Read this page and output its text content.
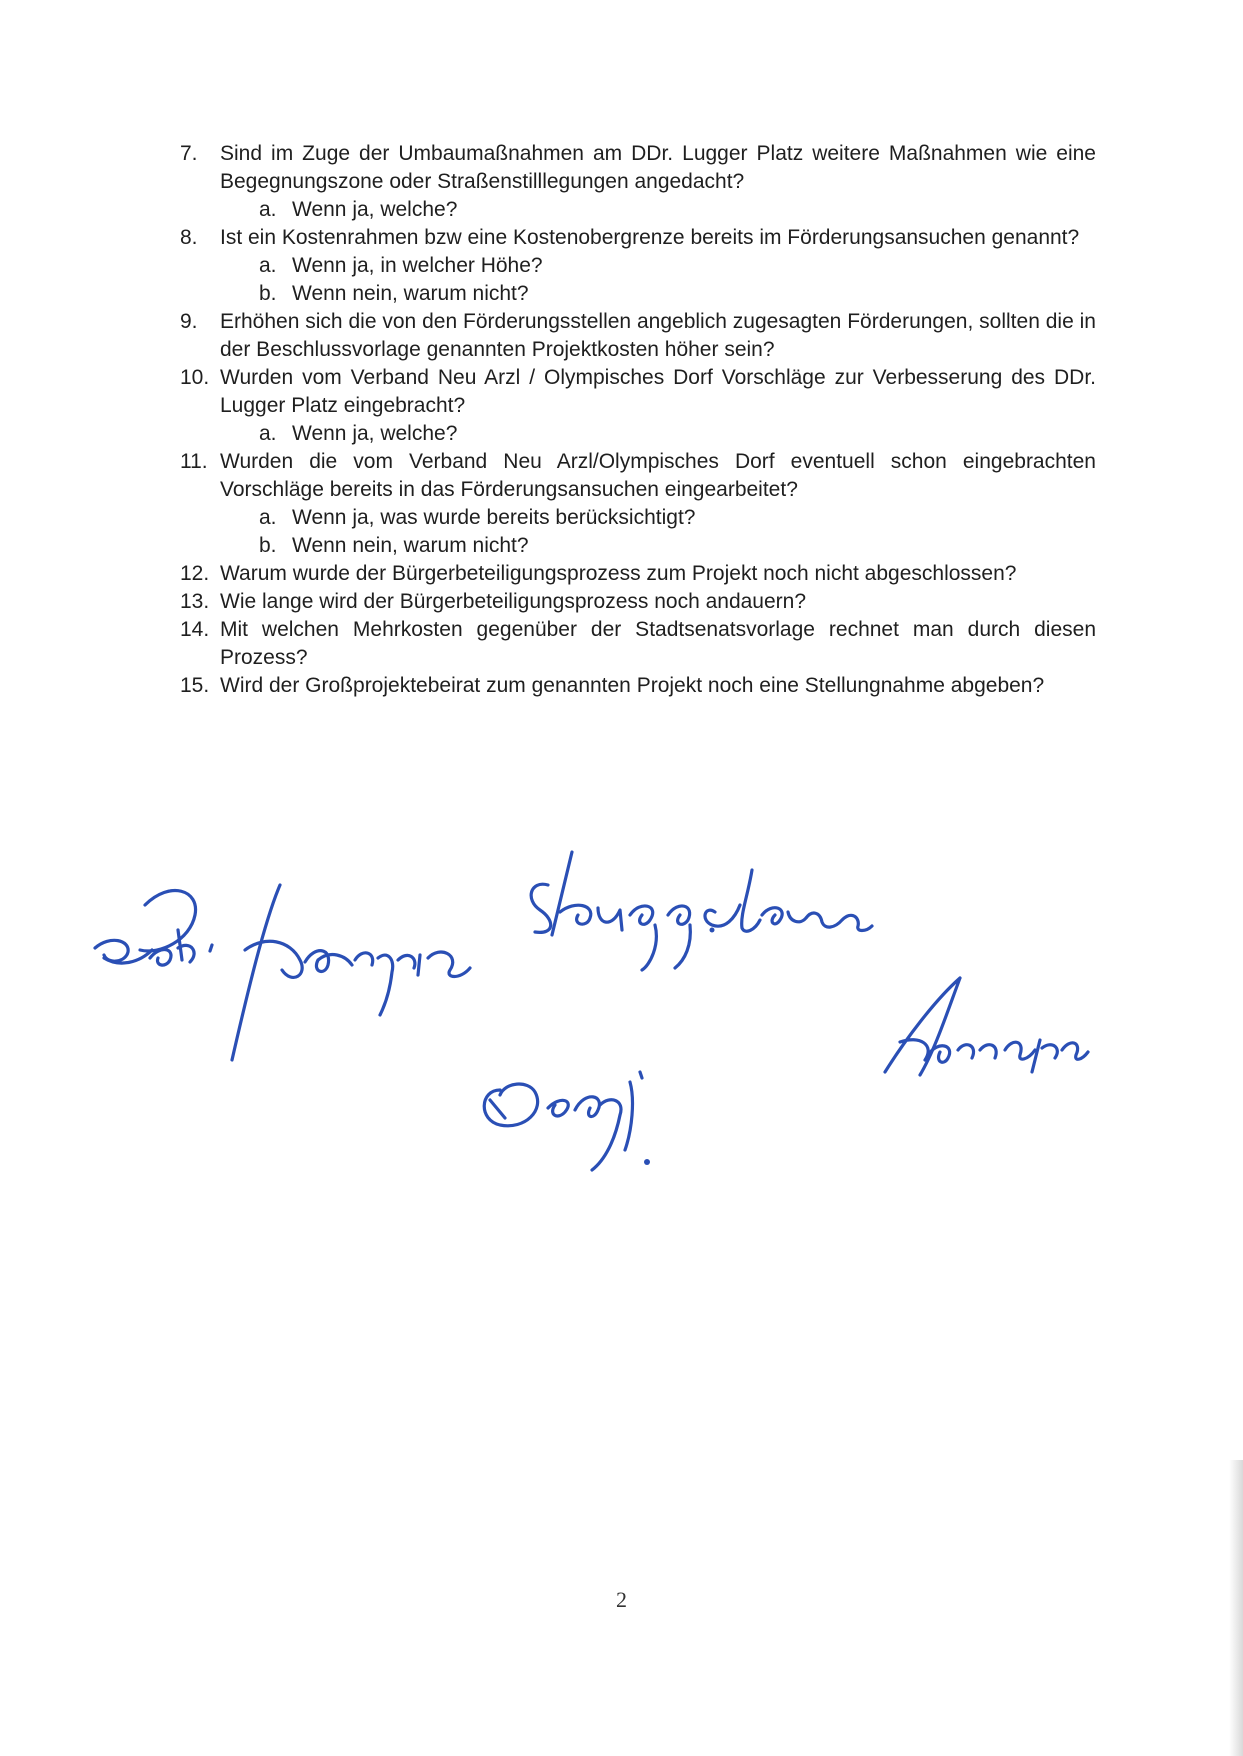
7.	Sind im Zuge der Umbaumaßnahmen am DDr. Lugger Platz weitere Maßnahmen wie eine Begegnungszone oder Straßenstilllegungen angedacht?
a. Wenn ja, welche?
8.	Ist ein Kostenrahmen bzw eine Kostenobergrenze bereits im Förderungsansuchen genannt?
a. Wenn ja, in welcher Höhe?
b. Wenn nein, warum nicht?
9.	Erhöhen sich die von den Förderungsstellen angeblich zugesagten Förderungen, sollten die in der Beschlussvorlage genannten Projektkosten höher sein?
10. Wurden vom Verband Neu Arzl / Olympisches Dorf Vorschläge zur Verbesserung des DDr. Lugger Platz eingebracht?
a. Wenn ja, welche?
11. Wurden die vom Verband Neu Arzl/Olympisches Dorf eventuell schon eingebrachten Vorschläge bereits in das Förderungsansuchen eingearbeitet?
a. Wenn ja, was wurde bereits berücksichtigt?
b. Wenn nein, warum nicht?
12. Warum wurde der Bürgerbeteiligungsprozess zum Projekt noch nicht abgeschlossen?
13. Wie lange wird der Bürgerbeteiligungsprozess noch andauern?
14. Mit welchen Mehrkosten gegenüber der Stadtsenatsvorlage rechnet man durch diesen Prozess?
15. Wird der Großprojektebeirat zum genannten Projekt noch eine Stellungnahme abgeben?
2
